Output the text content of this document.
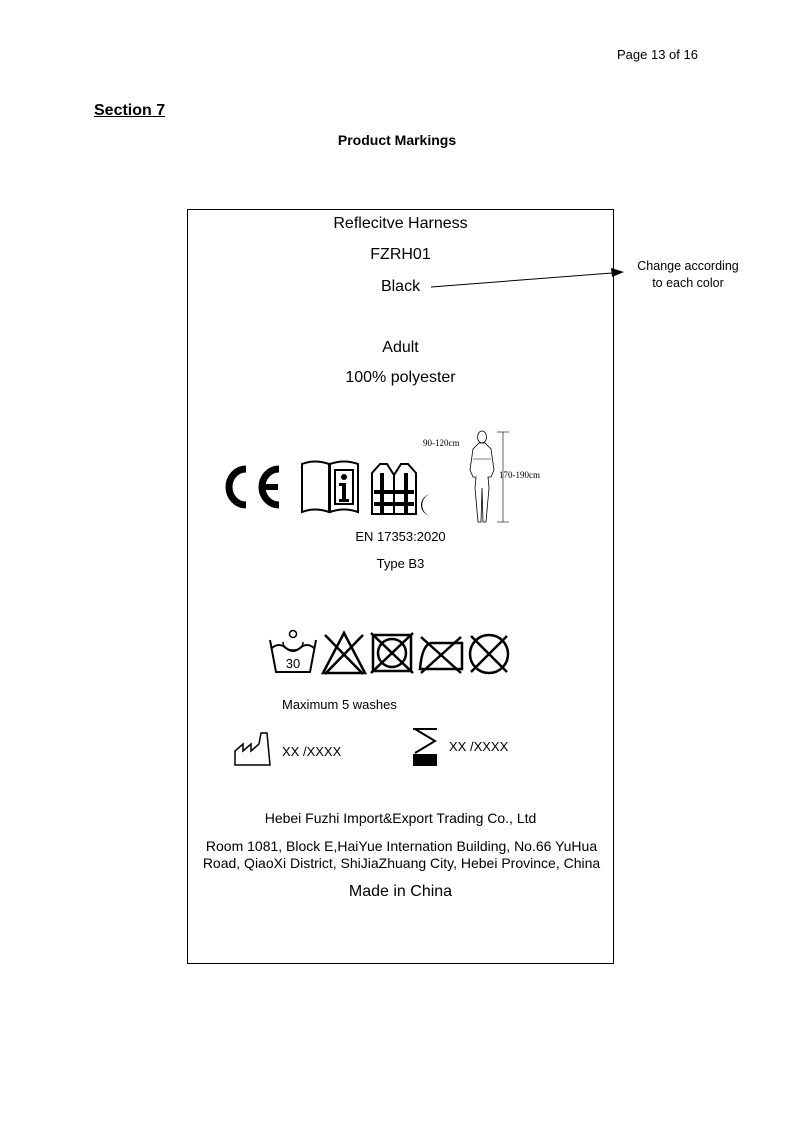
Page 13 of 16
Section 7
Product Markings
Reflecitve Harness
FZRH01
Black
Adult
100% polyester
90-120cm
170-190cm
EN 17353:2020
Type B3
30
Maximum 5 washes
XX /XXXX	XX /XXXX
Hebei Fuzhi Import&Export Trading Co., Ltd
Room 1081, Block E,HaiYue Internation Building, No.66 YuHua Road, QiaoXi District, ShiJiaZhuang City, Hebei Province, China
Made in China
Change according
to each color
